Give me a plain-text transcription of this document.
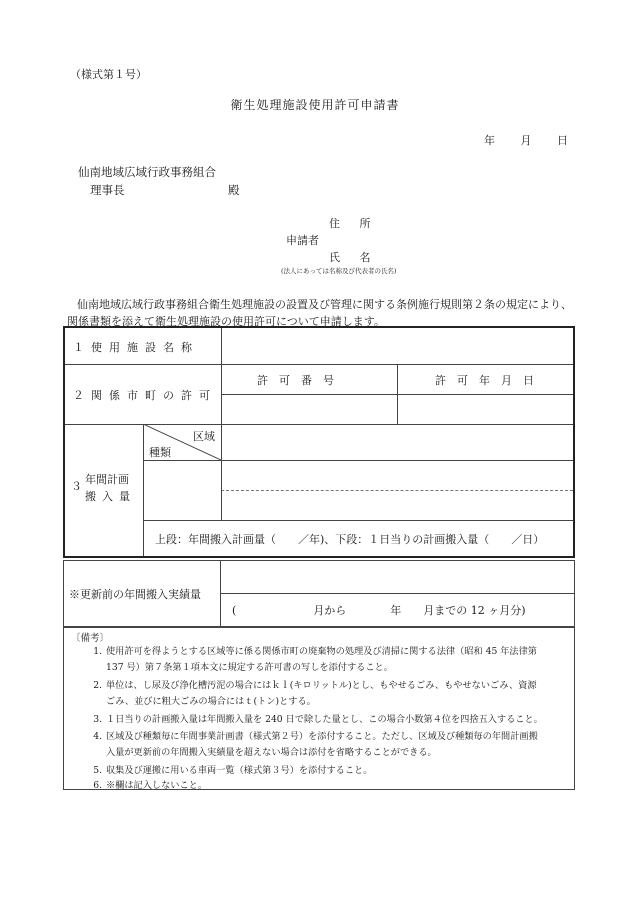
（様式第１号）
衛生処理施設使用許可申請書
年 月 日
仙南地域広域行政事務組合
理事長	殿
住 所
申請者
氏 名
(法人にあっては名称及び代表者の氏名)
仙南地域広域行政事務組合衛生処理施設の設置及び管理に関する条例施行規則第２条の規定により、関係書類を添えて衛生処理施設の使用許可について申請します。
１使用施設名称
２関係市町の許可
許　可　番　号	許　可　年　月　日
３
年間計画
搬入量
区域
種類
上段：年間搬入計画量（　　／年)、下段：１日当りの計画搬入量（　　／日）
※更新前の年間搬入実績量
(　　　　　　　月から　　　　年　　月までの 12 ヶ月分)
〔備考〕
1. 使用許可を得ようとする区域等に係る関係市町の廃棄物の処理及び清掃に関する法律（昭和 45 年法律第
137 号）第７条第１項本文に規定する許可書の写しを添付すること。
2. 単位は、し尿及び浄化槽汚泥の場合にはｋｌ(キロリットル)とし、もやせるごみ、もやせないごみ、資源
ごみ、並びに粗大ごみの場合にはｔ(トン)とする。
3. １日当りの計画搬入量は年間搬入量を 240 日で除した量とし、この場合小数第４位を四捨五入すること。
4. 区域及び種類毎に年間事業計画書（様式第２号）を添付すること。ただし、区域及び種類毎の年間計画搬
入量が更新前の年間搬入実績量を超えない場合は添付を省略することができる。
5. 収集及び運搬に用いる車両一覧（様式第３号）を添付すること。
6. ※欄は記入しないこと。
